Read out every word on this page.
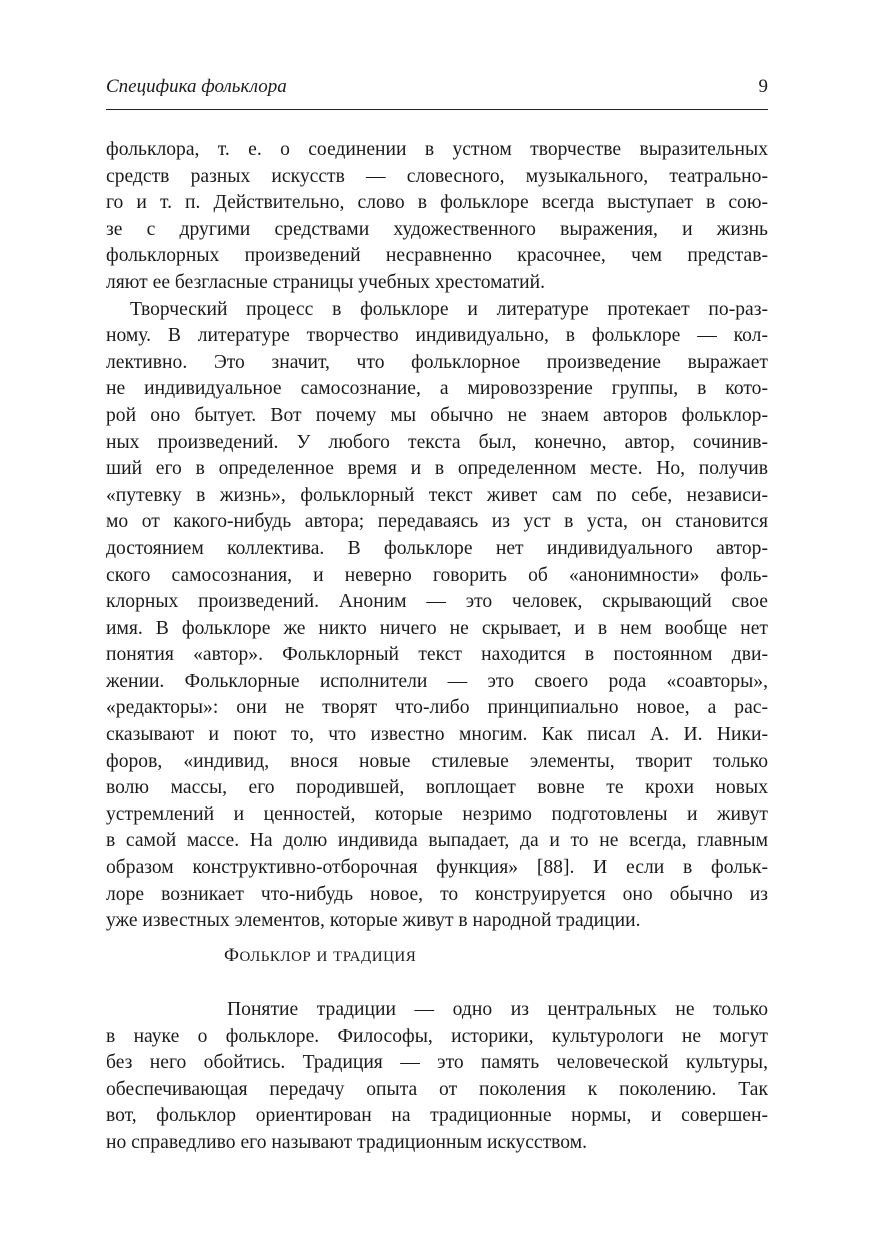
Специфика фольклора	9
фольклора, т. е. о соединении в устном творчестве выразительных
средств разных искусств — словесного, музыкального, театрально-
го и т. п. Действительно, слово в фольклоре всегда выступает в сою-
зе с другими средствами художественного выражения, и жизнь
фольклорных произведений несравненно красочнее, чем представ-
ляют ее безгласные страницы учебных хрестоматий.
Творческий процесс в фольклоре и литературе протекает по-раз-
ному. В литературе творчество индивидуально, в фольклоре — кол-
лективно. Это значит, что фольклорное произведение выражает
не индивидуальное самосознание, а мировоззрение группы, в кото-
рой оно бытует. Вот почему мы обычно не знаем авторов фольклор-
ных произведений. У любого текста был, конечно, автор, сочинив-
ший его в определенное время и в определенном месте. Но, получив
«путевку в жизнь», фольклорный текст живет сам по себе, независи-
мо от какого-нибудь автора; передаваясь из уст в уста, он становится
достоянием коллектива. В фольклоре нет индивидуального автор-
ского самосознания, и неверно говорить об «анонимности» фоль-
клорных произведений. Аноним — это человек, скрывающий свое
имя. В фольклоре же никто ничего не скрывает, и в нем вообще нет
понятия «автор». Фольклорный текст находится в постоянном дви-
жении. Фольклорные исполнители — это своего рода «соавторы»,
«редакторы»: они не творят что-либо принципиально новое, а рас-
сказывают и поют то, что известно многим. Как писал А. И. Ники-
форов, «индивид, внося новые стилевые элементы, творит только
волю массы, его породившей, воплощает вовне те крохи новых
устремлений и ценностей, которые незримо подготовлены и живут
в самой массе. На долю индивида выпадает, да и то не всегда, главным
образом конструктивно-отборочная функция» [88]. И если в фольк-
лоре возникает что-нибудь новое, то конструируется оно обычно из
уже известных элементов, которые живут в народной традиции.
ФОЛЬКЛОР И ТРАДИЦИЯ
Понятие традиции — одно из центральных не только
в науке о фольклоре. Философы, историки, культурологи не могут
без него обойтись. Традиция — это память человеческой культуры,
обеспечивающая передачу опыта от поколения к поколению. Так
вот, фольклор ориентирован на традиционные нормы, и совершен-
но справедливо его называют традиционным искусством.
